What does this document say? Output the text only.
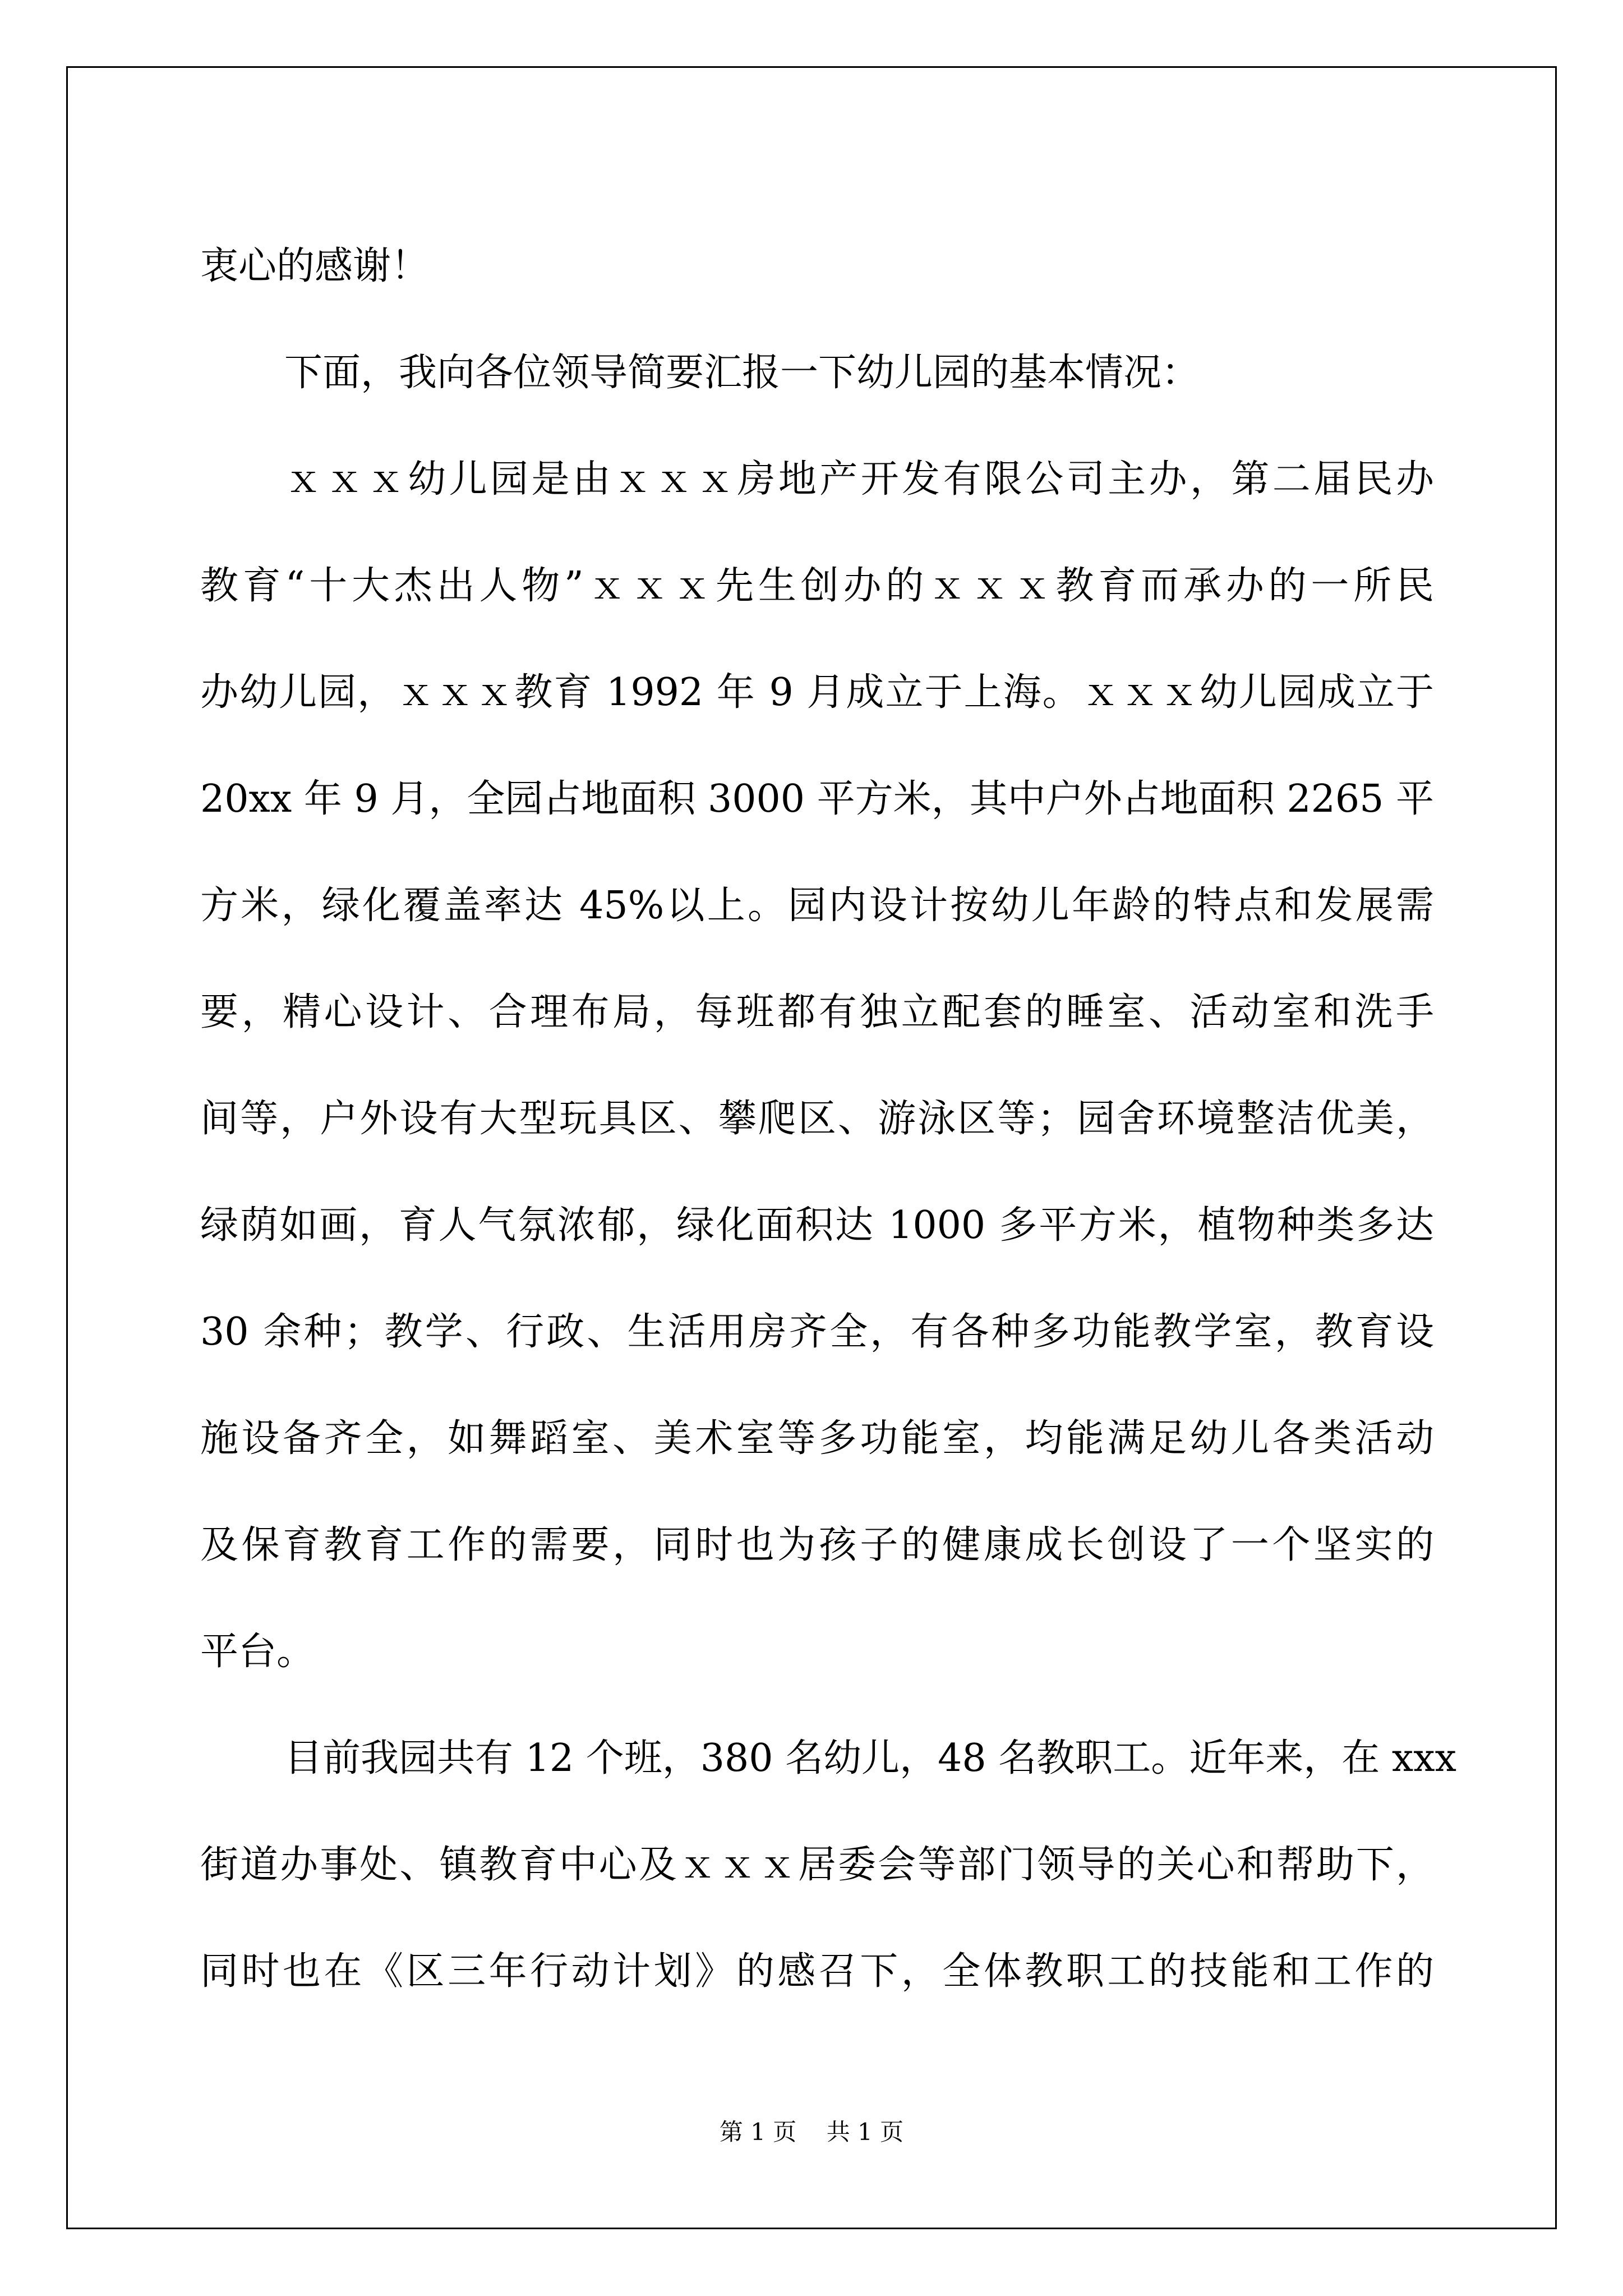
衷心的感谢！
下面，我向各位领导简要汇报一下幼儿园的基本情况：
ｘｘｘ幼儿园是由ｘｘｘ房地产开发有限公司主办，第二届民办
教育“十大杰出人物”ｘｘｘ先生创办的ｘｘｘ教育而承办的一所民
办幼儿园，ｘｘｘ教育 1992 年 9 月成立于上海。ｘｘｘ幼儿园成立于
20xx 年 9 月，全园占地面积 3000 平方米，其中户外占地面积 2265 平
方米，绿化覆盖率达 45%以上。园内设计按幼儿年龄的特点和发展需
要，精心设计、合理布局，每班都有独立配套的睡室、活动室和洗手
间等，户外设有大型玩具区、攀爬区、游泳区等；园舍环境整洁优美，
绿荫如画，育人气氛浓郁，绿化面积达 1000 多平方米，植物种类多达
30 余种；教学、行政、生活用房齐全，有各种多功能教学室，教育设
施设备齐全，如舞蹈室、美术室等多功能室，均能满足幼儿各类活动
及保育教育工作的需要，同时也为孩子的健康成长创设了一个坚实的
平台。
目前我园共有 12 个班，380 名幼儿，48 名教职工。近年来，在 xxx
街道办事处、镇教育中心及ｘｘｘ居委会等部门领导的关心和帮助下，
同时也在《区三年行动计划》的感召下，全体教职工的技能和工作的
第 1 页    共 1 页
